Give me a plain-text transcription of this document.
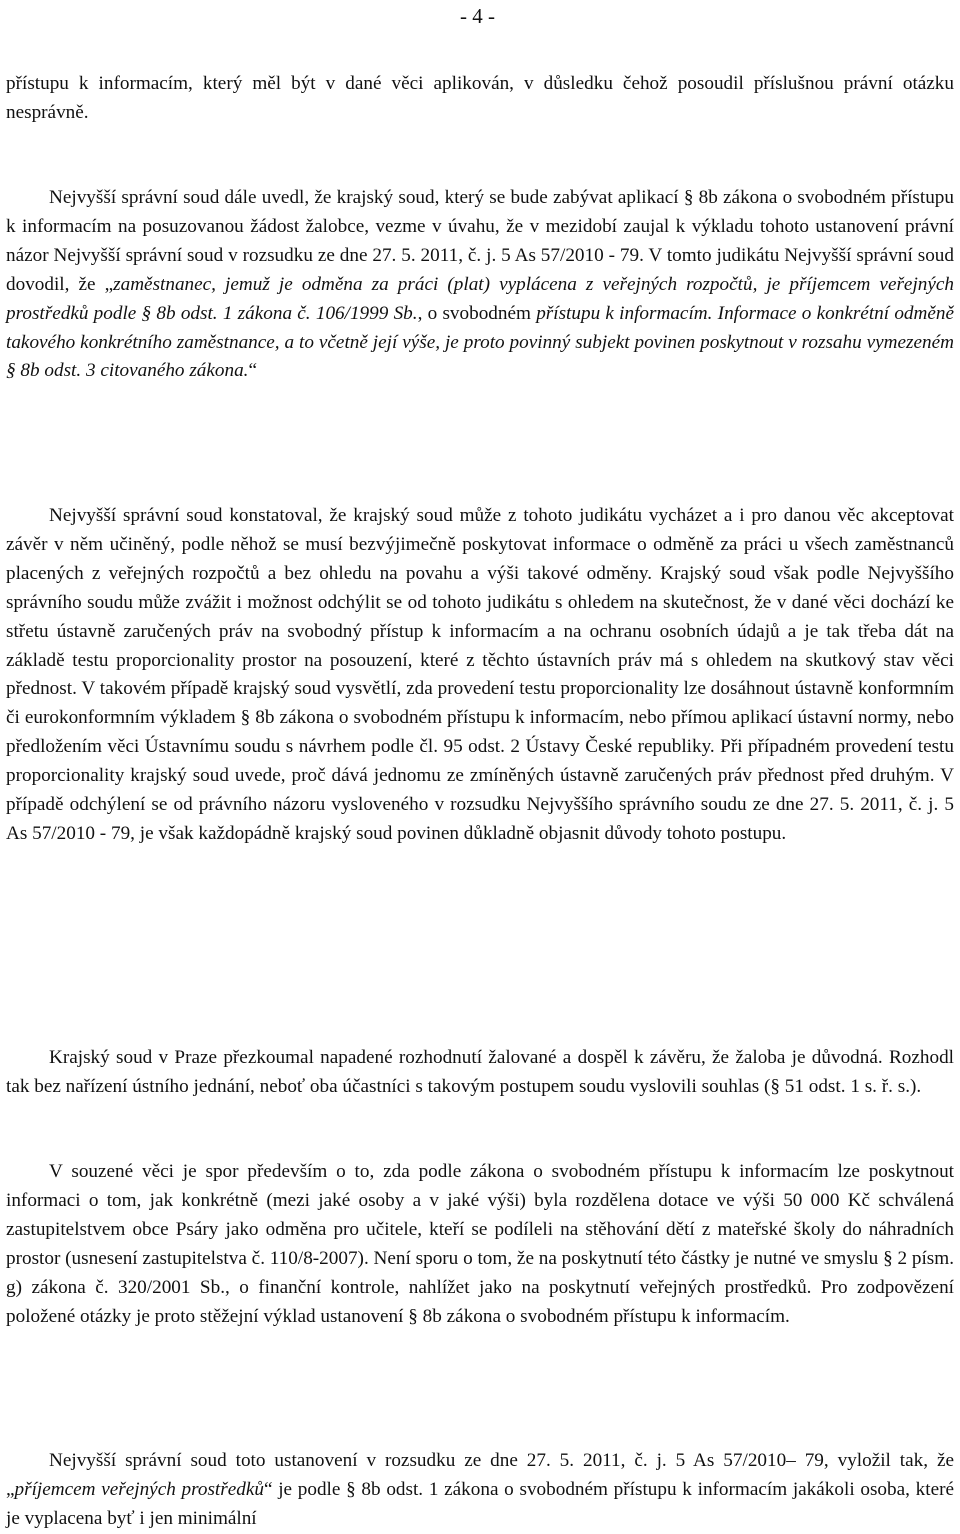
- 4 -

přístupu k informacím, který měl být v dané věci aplikován, v důsledku čehož posoudil příslušnou právní otázku nesprávně.

Nejvyšší správní soud dále uvedl, že krajský soud, který se bude zabývat aplikací § 8b zákona o svobodném přístupu k informacím na posuzovanou žádost žalobce, vezme v úvahu, že v mezidobí zaujal k výkladu tohoto ustanovení právní názor Nejvyšší správní soud v rozsudku ze dne 27. 5. 2011, č. j. 5 As 57/2010 - 79. V tomto judikátu Nejvyšší správní soud dovodil, že „zaměstnanec, jemuž je odměna za práci (plat) vyplácena z veřejných rozpočtů, je příjemcem veřejných prostředků podle § 8b odst. 1 zákona č. 106/1999 Sb., o svobodném přístupu k informacím. Informace o konkrétní odměně takového konkrétního zaměstnance, a to včetně její výše, je proto povinný subjekt povinen poskytnout v rozsahu vymezeném § 8b odst. 3 citovaného zákona.“

Nejvyšší správní soud konstatoval, že krajský soud může z tohoto judikátu vycházet a i pro danou věc akceptovat závěr v něm učiněný, podle něhož se musí bezvýjimečně poskytovat informace o odměně za práci u všech zaměstnanců placených z veřejných rozpočtů a bez ohledu na povahu a výši takové odměny. Krajský soud však podle Nejvyššího správního soudu může zvážit i možnost odchýlit se od tohoto judikátu s ohledem na skutečnost, že v dané věci dochází ke střetu ústavně zaručených práv na svobodný přístup k informacím a na ochranu osobních údajů a je tak třeba dát na základě testu proporcionality prostor na posouzení, které z těchto ústavních práv má s ohledem na skutkový stav věci přednost. V takovém případě krajský soud vysvětlí, zda provedení testu proporcionality lze dosáhnout ústavně konformním či eurokonformním výkladem § 8b zákona o svobodném přístupu k informacím, nebo přímou aplikací ústavní normy, nebo předložením věci Ústavnímu soudu s návrhem podle čl. 95 odst. 2 Ústavy České republiky. Při případném provedení testu proporcionality krajský soud uvede, proč dává jednomu ze zmíněných ústavně zaručených práv přednost před druhým. V případě odchýlení se od právního názoru vysloveného v rozsudku Nejvyššího správního soudu ze dne 27. 5. 2011, č. j. 5 As 57/2010 - 79, je však každopádně krajský soud povinen důkladně objasnit důvody tohoto postupu.

Krajský soud v Praze přezkoumal napadené rozhodnutí žalované a dospěl k závěru, že žaloba je důvodná. Rozhodl tak bez nařízení ústního jednání, neboť oba účastníci s takovým postupem soudu vyslovili souhlas (§ 51 odst. 1 s. ř. s.).

V souzené věci je spor především o to, zda podle zákona o svobodném přístupu k informacím lze poskytnout informaci o tom, jak konkrétně (mezi jaké osoby a v jaké výši) byla rozdělena dotace ve výši 50 000 Kč schválená zastupitelstvem obce Psáry jako odměna pro učitele, kteří se podíleli na stěhování dětí z mateřské školy do náhradních prostor (usnesení zastupitelstva č. 110/8-2007). Není sporu o tom, že na poskytnutí této částky je nutné ve smyslu § 2 písm. g) zákona č. 320/2001 Sb., o finanční kontrole, nahlížet jako na poskytnutí veřejných prostředků. Pro zodpovězení položené otázky je proto stěžejní výklad ustanovení § 8b zákona o svobodném přístupu k informacím.

Nejvyšší správní soud toto ustanovení v rozsudku ze dne 27. 5. 2011, č. j. 5 As 57/2010– 79, vyložil tak, že „příjemcem veřejných prostředků“ je podle § 8b odst. 1 zákona o svobodném přístupu k informacím jakákoli osoba, které je vyplacena byť i jen minimální
